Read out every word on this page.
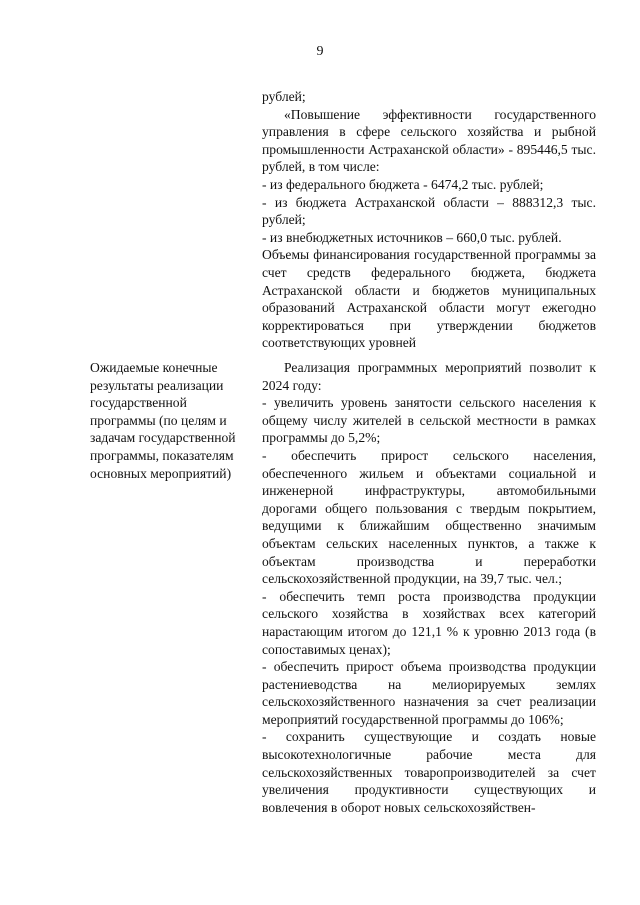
9

рублей;

«Повышение эффективности государственного управления в сфере сельского хозяйства и рыбной промышленности Астраханской области» - 895446,5 тыс. рублей, в том числе:

- из федерального бюджета - 6474,2 тыс. рублей;

- из бюджета Астраханской области – 888312,3 тыс. рублей;

- из внебюджетных источников – 660,0 тыс. рублей.

Объемы финансирования государственной программы за счет средств федерального бюджета, бюджета Астраханской области и бюджетов муниципальных образований Астраханской области могут ежегодно корректироваться при утверждении бюджетов соответствующих уровней

Ожидаемые конечные результаты реализации государственной программы (по целям и задачам государственной программы, показателям основных мероприятий)

Реализация программных мероприятий позволит к 2024 году:

- увеличить уровень занятости сельского населения к общему числу жителей в сельской местности в рамках программы до 5,2%;

- обеспечить прирост сельского населения, обеспеченного жильем и объектами социальной и инженерной инфраструктуры, автомобильными дорогами общего пользования с твердым покрытием, ведущими к ближайшим общественно значимым объектам сельских населенных пунктов, а также к объектам производства и переработки сельскохозяйственной продукции, на 39,7 тыс. чел.;

- обеспечить темп роста производства продукции сельского хозяйства в хозяйствах всех категорий нарастающим итогом до 121,1 % к уровню 2013 года (в сопоставимых ценах);

- обеспечить прирост объема производства продукции растениеводства на мелиорируемых землях сельскохозяйственного назначения за счет реализации мероприятий государственной программы до 106%;

- сохранить существующие и создать новые высокотехнологичные рабочие места для сельскохозяйственных товаропроизводителей за счет увеличения продуктивности существующих и вовлечения в оборот новых сельскохозяйствен-
